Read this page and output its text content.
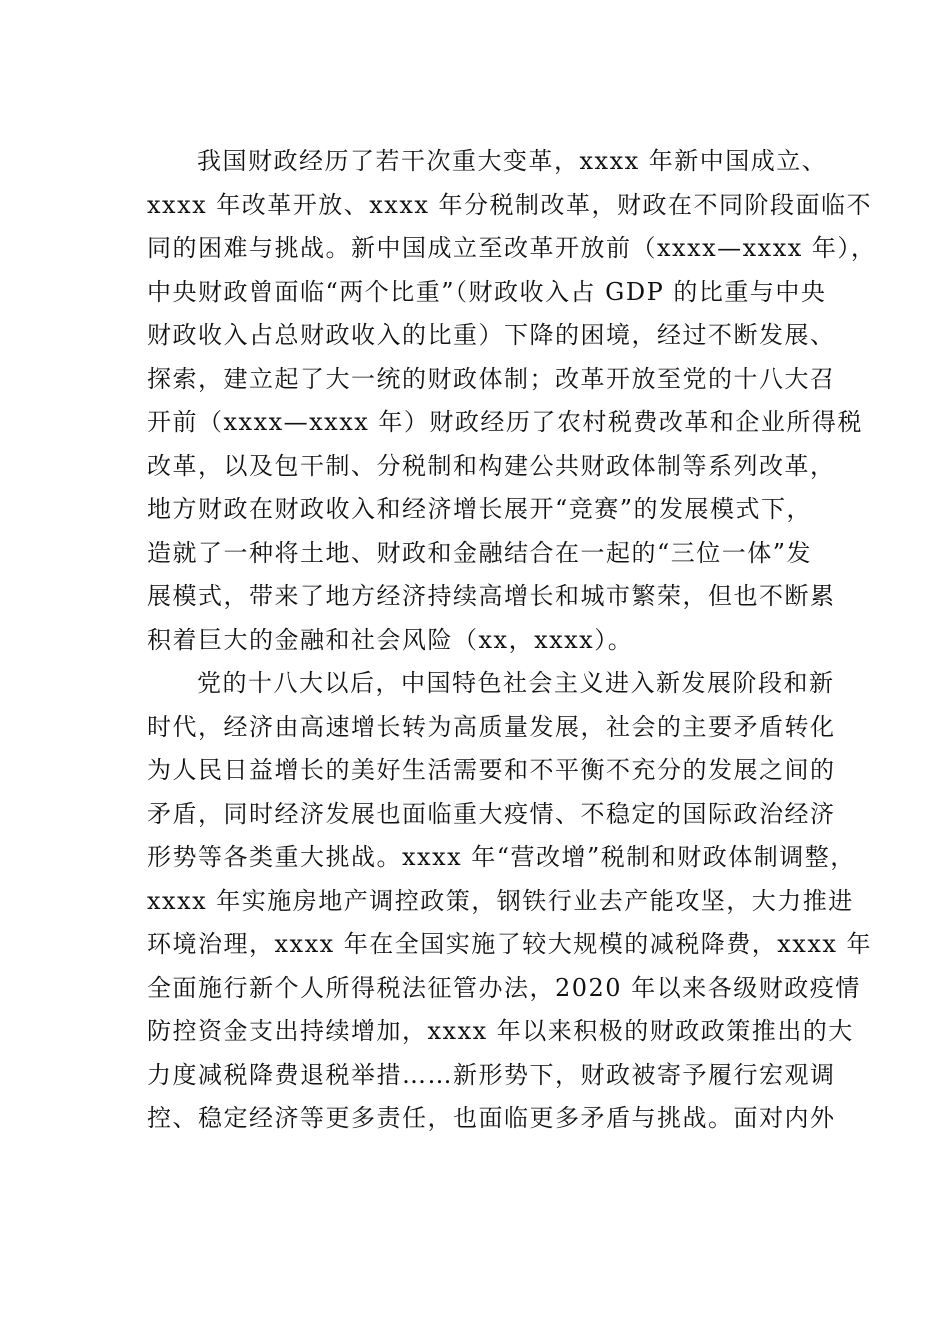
我国财政经历了若干次重大变革，xxxx 年新中国成立、
xxxx 年改革开放、xxxx 年分税制改革，财政在不同阶段面临不
同的困难与挑战。新中国成立至改革开放前（xxxx—xxxx 年），
中央财政曾面临“两个比重”（财政收入占 GDP 的比重与中央
财政收入占总财政收入的比重）下降的困境，经过不断发展、
探索，建立起了大一统的财政体制；改革开放至党的十八大召
开前（xxxx—xxxx 年）财政经历了农村税费改革和企业所得税
改革，以及包干制、分税制和构建公共财政体制等系列改革，
地方财政在财政收入和经济增长展开“竞赛”的发展模式下，
造就了一种将土地、财政和金融结合在一起的“三位一体”发
展模式，带来了地方经济持续高增长和城市繁荣，但也不断累
积着巨大的金融和社会风险（xx，xxxx）。
党的十八大以后，中国特色社会主义进入新发展阶段和新
时代，经济由高速增长转为高质量发展，社会的主要矛盾转化
为人民日益增长的美好生活需要和不平衡不充分的发展之间的
矛盾，同时经济发展也面临重大疫情、不稳定的国际政治经济
形势等各类重大挑战。xxxx 年“营改增”税制和财政体制调整，
xxxx 年实施房地产调控政策，钢铁行业去产能攻坚，大力推进
环境治理，xxxx 年在全国实施了较大规模的减税降费，xxxx 年
全面施行新个人所得税法征管办法，2020 年以来各级财政疫情
防控资金支出持续增加，xxxx 年以来积极的财政政策推出的大
力度减税降费退税举措……新形势下，财政被寄予履行宏观调
控、稳定经济等更多责任，也面临更多矛盾与挑战。面对内外
